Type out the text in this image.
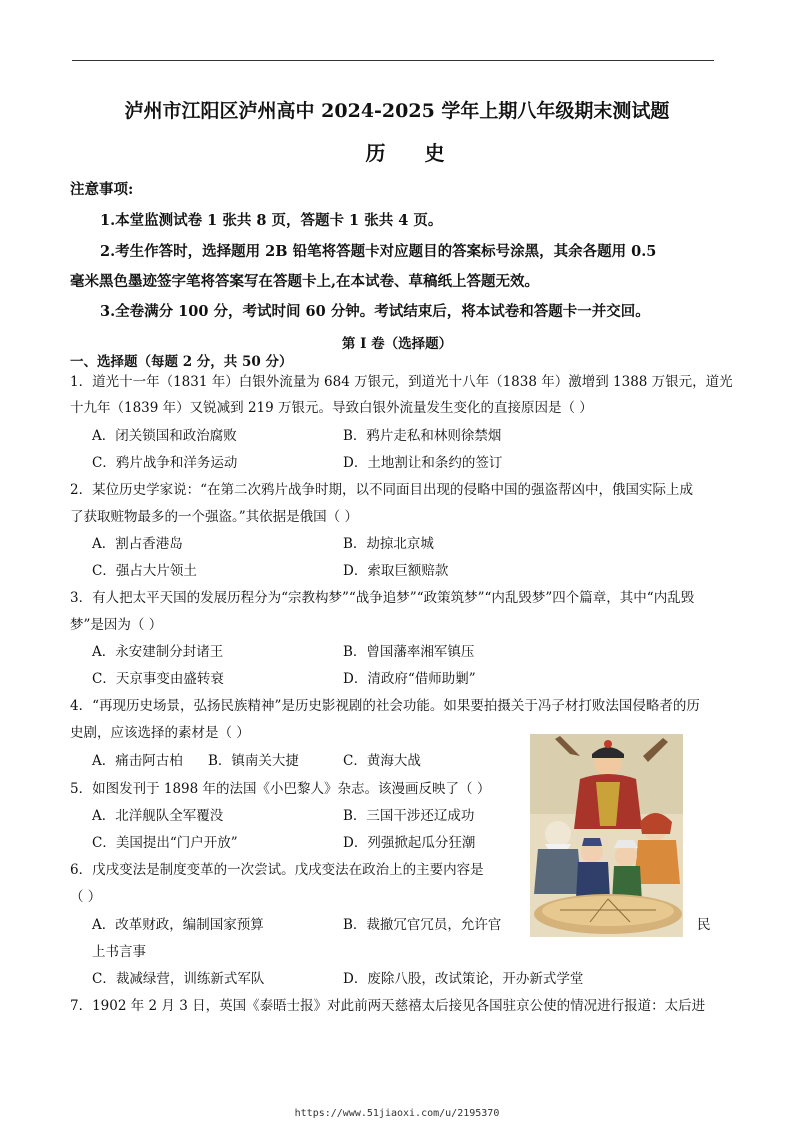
泸州市江阳区泸州高中 2024-2025 学年上期八年级期末测试题
历 史
注意事项:
1.本堂监测试卷 1 张共 8 页，答题卡 1 张共 4 页。
2.考生作答时，选择题用 2B 铅笔将答题卡对应题目的答案标号涂黑，其余各题用 0.5
毫米黑色墨迹签字笔将答案写在答题卡上,在本试卷、草稿纸上答题无效。
3.全卷满分 100 分，考试时间 60 分钟。考试结束后，将本试卷和答题卡一并交回。
第 I 卷（选择题）
一、选择题（每题 2 分，共 50 分）
1．道光十一年（1831 年）白银外流量为 684 万银元，到道光十八年（1838 年）激增到 1388 万银元，道光
十九年（1839 年）又锐减到 219 万银元。导致白银外流量发生变化的直接原因是（ ）
A．闭关锁国和政治腐败	B．鸦片走私和林则徐禁烟
C．鸦片战争和洋务运动	D．土地割让和条约的签订
2．某位历史学家说：“在第二次鸦片战争时期，以不同面目出现的侵略中国的强盗帮凶中，俄国实际上成
了获取赃物最多的一个强盗。”其依据是俄国（ ）
A．割占香港岛	B．劫掠北京城
C．强占大片领土	D．索取巨额赔款
3．有人把太平天国的发展历程分为“宗教构梦”“战争追梦”“政策筑梦”“内乱毁梦”四个篇章，其中“内乱毁
梦”是因为（ ）
A．永安建制分封诸王	B．曾国藩率湘军镇压
C．天京事变由盛转衰	D．清政府“借师助剿”
4．“再现历史场景，弘扬民族精神”是历史影视剧的社会功能。如果要拍摄关于冯子材打败法国侵略者的历
史剧，应该选择的素材是（ ）
A．痛击阿古柏 B．镇南关大捷	C．黄海大战
5．如图发刊于 1898 年的法国《小巴黎人》杂志。该漫画反映了（ ）
A．北洋舰队全军覆没	B．三国干涉还辽成功
C．美国提出“门户开放”	D．列强掀起瓜分狂潮
6．戊戌变法是制度变革的一次尝试。戊戌变法在政治上的主要内容是
（ ）
A．改革财政，编制国家预算	B．裁撤冗官冗员，允许官	民
上书言事
C．裁减绿营，训练新式军队	D．废除八股，改试策论，开办新式学堂
7．1902 年 2 月 3 日，英国《泰晤士报》对此前两天慈禧太后接见各国驻京公使的情况进行报道：太后进
https://www.51jiaoxi.com/u/2195370
